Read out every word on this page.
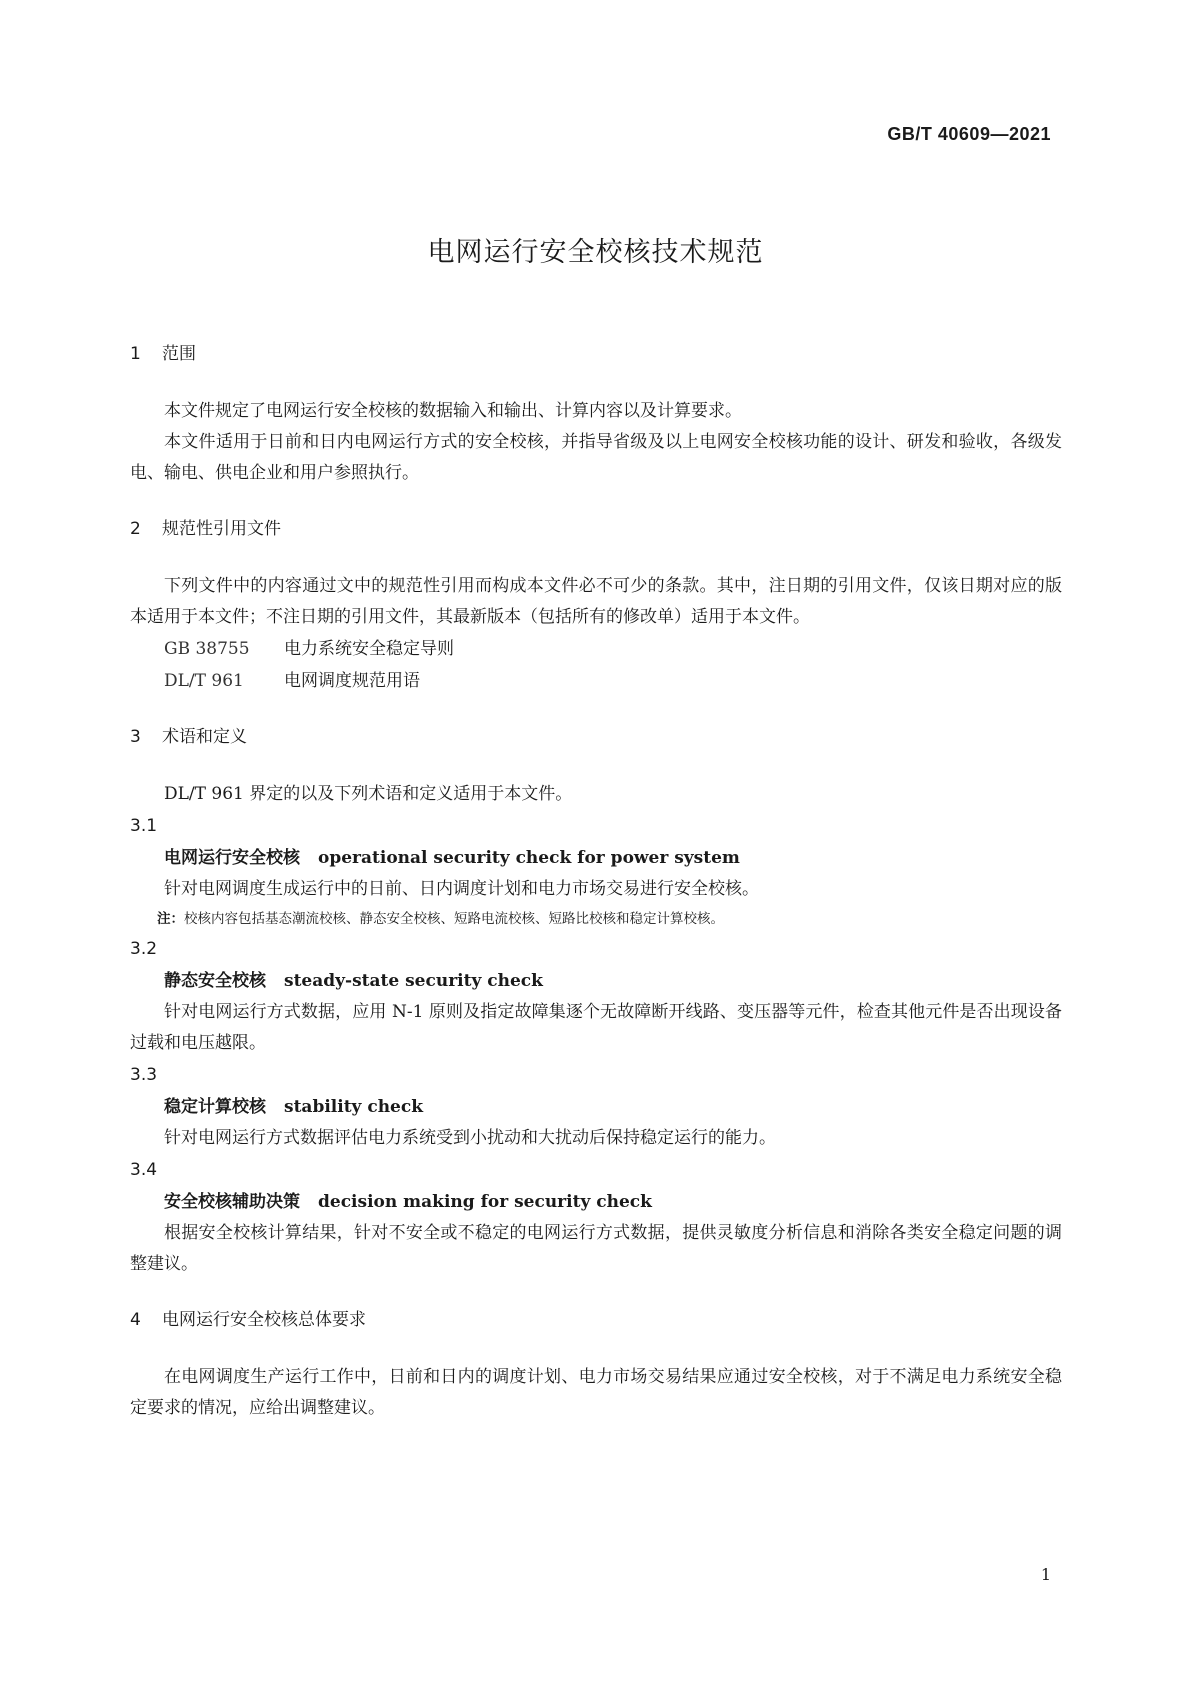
GB/T 40609—2021
电网运行安全校核技术规范
1 范围

本文件规定了电网运行安全校核的数据输入和输出、计算内容以及计算要求。

本文件适用于日前和日内电网运行方式的安全校核，并指导省级及以上电网安全校核功能的设计、研发和验收，各级发电、输电、供电企业和用户参照执行。

2 规范性引用文件

下列文件中的内容通过文中的规范性引用而构成本文件必不可少的条款。其中，注日期的引用文件，仅该日期对应的版本适用于本文件；不注日期的引用文件，其最新版本（包括所有的修改单）适用于本文件。

GB 38755 电力系统安全稳定导则

DL/T 961 电网调度规范用语

3 术语和定义

DL/T 961 界定的以及下列术语和定义适用于本文件。

3.1

电网运行安全校核 operational security check for power system

针对电网调度生成运行中的日前、日内调度计划和电力市场交易进行安全校核。

注：校核内容包括基态潮流校核、静态安全校核、短路电流校核、短路比校核和稳定计算校核。

3.2

静态安全校核 steady-state security check

针对电网运行方式数据，应用 N-1 原则及指定故障集逐个无故障断开线路、变压器等元件，检查其他元件是否出现设备过载和电压越限。

3.3

稳定计算校核 stability check

针对电网运行方式数据评估电力系统受到小扰动和大扰动后保持稳定运行的能力。

3.4

安全校核辅助决策 decision making for security check

根据安全校核计算结果，针对不安全或不稳定的电网运行方式数据，提供灵敏度分析信息和消除各类安全稳定问题的调整建议。

4 电网运行安全校核总体要求

在电网调度生产运行工作中，日前和日内的调度计划、电力市场交易结果应通过安全校核，对于不满足电力系统安全稳定要求的情况，应给出调整建议。

1
